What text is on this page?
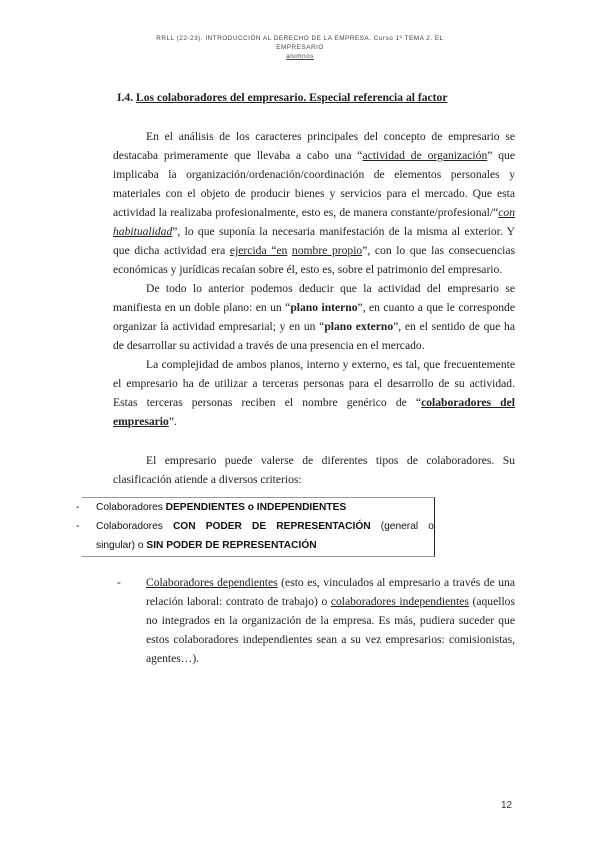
RRLL (22-23). INTRODUCCIÓN AL DERECHO DE LA EMPRESA. Curso 1º TEMA 2. EL
EMPRESARIO
alumnos
I.4. Los colaboradores del empresario. Especial referencia al factor

En el análisis de los caracteres principales del concepto de empresario se destacaba primeramente que llevaba a cabo una “actividad de organización” que implicaba la organización/ordenación/coordinación de elementos personales y materiales con el objeto de producir bienes y servicios para el mercado. Que esta actividad la realizaba profesionalmente, esto es, de manera constante/profesional/“con habitualidad”, lo que suponía la necesaria manifestación de la misma al exterior. Y que dicha actividad era ejercida “en nombre propio”, con lo que las consecuencias económicas y jurídicas recaían sobre él, esto es, sobre el patrimonio del empresario.

De todo lo anterior podemos deducir que la actividad del empresario se manifiesta en un doble plano: en un “plano interno”, en cuanto a que le corresponde organizar la actividad empresarial; y en un “plano externo”, en el sentido de que ha de desarrollar su actividad a través de una presencia en el mercado.

La complejidad de ambos planos, interno y externo, es tal, que frecuentemente el empresario ha de utilizar a terceras personas para el desarrollo de su actividad. Estas terceras personas reciben el nombre genérico de “colaboradores del empresario”.

El empresario puede valerse de diferentes tipos de colaboradores. Su clasificación atiende a diversos criterios:

- Colaboradores DEPENDIENTES o INDEPENDIENTES
- Colaboradores CON PODER DE REPRESENTACIÓN (general o
singular) o SIN PODER DE REPRESENTACIÓN
- Colaboradores dependientes (esto es, vinculados al empresario a través de una relación laboral: contrato de trabajo) o colaboradores independientes (aquellos no integrados en la organización de la empresa. Es más, pudiera suceder que estos colaboradores independientes sean a su vez empresarios: comisionistas, agentes…).
12
